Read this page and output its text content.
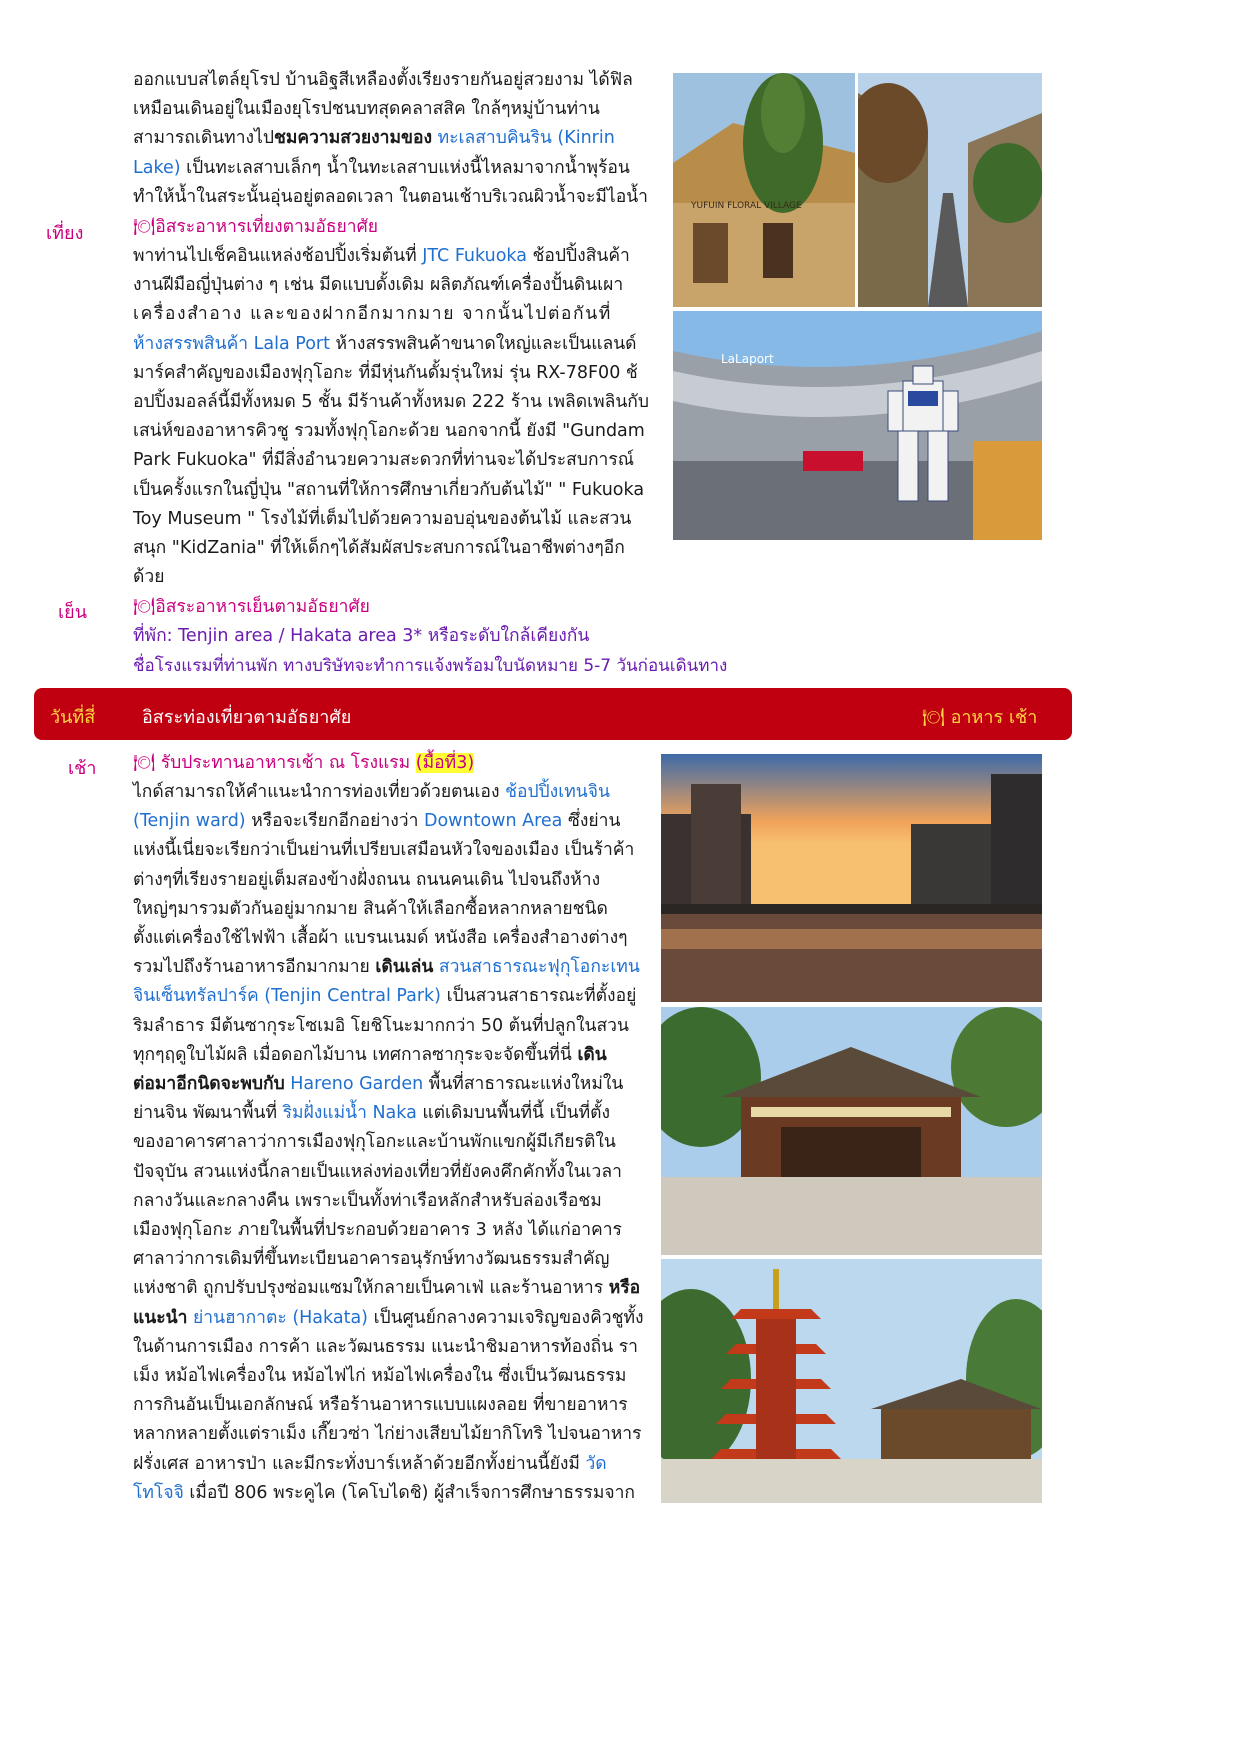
ออกแบบสไตล์ยุโรป บ้านอิฐสีเหลืองตั้งเรียงรายกันอยู่สวยงาม ได้ฟิล

เหมือนเดินอยู่ในเมืองยุโรปชนบทสุดคลาสสิค ใกล้ๆหมู่บ้านท่าน

สามารถเดินทางไปชมความสวยงามของ ทะเลสาบคินริน (Kinrin

Lake) เป็นทะเลสาบเล็กๆ น้ำในทะเลสาบแห่งนี้ไหลมาจากน้ำพุร้อน

ทำให้น้ำในสระนั้นอุ่นอยู่ตลอดเวลา ในตอนเช้าบริเวณผิวน้ำจะมีไอน้ำ

เที่ยง	🍽อิสระอาหารเที่ยงตามอัธยาศัย

พาท่านไปเช็คอินแหล่งช้อปปิ้งเริ่มต้นที่ JTC Fukuoka ช้อปปิ้งสินค้า

งานฝีมือญี่ปุ่นต่าง ๆ เช่น มีดแบบดั้งเดิม ผลิตภัณฑ์เครื่องปั้นดินเผา

เครื่องสำอาง และของฝากอีกมากมาย จากนั้นไปต่อกันที่

ห้างสรรพสินค้า Lala Port ห้างสรรพสินค้าขนาดใหญ่และเป็นแลนด์

มาร์คสำคัญของเมืองฟุกุโอกะ ที่มีหุ่นกันดั้มรุ่นใหม่ รุ่น RX-78F00 ช้

อปปิ้งมอลล์นี้มีทั้งหมด 5 ชั้น มีร้านค้าทั้งหมด 222 ร้าน เพลิดเพลินกับ

เสน่ห์ของอาหารคิวชู รวมทั้งฟุกุโอกะด้วย นอกจากนี้ ยังมี "Gundam

Park Fukuoka" ที่มีสิ่งอำนวยความสะดวกที่ท่านจะได้ประสบการณ์

เป็นครั้งแรกในญี่ปุ่น "สถานที่ให้การศึกษาเกี่ยวกับต้นไม้" " Fukuoka

Toy Museum " โรงไม้ที่เต็มไปด้วยความอบอุ่นของต้นไม้ และสวน

สนุก "KidZania" ที่ให้เด็กๆได้สัมผัสประสบการณ์ในอาชีพต่างๆอีก

ด้วย

เย็น	🍽อิสระอาหารเย็นตามอัธยาศัย
ที่พัก: Tenjin area / Hakata area 3* หรือระดับใกล้เคียงกัน
ชื่อโรงแรมที่ท่านพัก ทางบริษัทจะทำการแจ้งพร้อมใบนัดหมาย 5-7 วันก่อนเดินทาง
วันที่สี่	อิสระท่องเที่ยวตามอัธยาศัย	🍽 อาหาร เช้า
เช้า 🍽 รับประทานอาหารเช้า ณ โรงแรม (มื้อที่3)

ไกด์สามารถให้คำแนะนำการท่องเที่ยวด้วยตนเอง ช้อปปิ้งเทนจิน

(Tenjin ward) หรือจะเรียกอีกอย่างว่า Downtown Area ซึ่งย่าน

แห่งนี้เนี่ยจะเรียกว่าเป็นย่านที่เปรียบเสมือนหัวใจของเมือง เป็นร้าค้า

ต่างๆที่เรียงรายอยู่เต็มสองข้างฝั่งถนน ถนนคนเดิน ไปจนถึงห้าง

ใหญ่ๆมารวมตัวกันอยู่มากมาย สินค้าให้เลือกซื้อหลากหลายชนิด

ตั้งแต่เครื่องใช้ไฟฟ้า เสื้อผ้า แบรนเนมด์ หนังสือ เครื่องสำอางต่างๆ

รวมไปถึงร้านอาหารอีกมากมาย เดินเล่น สวนสาธารณะฟุกุโอกะเทน

จินเซ็นทรัลปาร์ค (Tenjin Central Park) เป็นสวนสาธารณะที่ตั้งอยู่

ริมลำธาร มีต้นซากุระโซเมอิ โยชิโนะมากกว่า 50 ต้นที่ปลูกในสวน

ทุกๆฤดูใบไม้ผลิ เมื่อดอกไม้บาน เทศกาลซากุระจะจัดขึ้นที่นี่ เดิน

ต่อมาอีกนิดจะพบกับ Hareno Garden พื้นที่สาธารณะแห่งใหม่ใน

ย่านจิน พัฒนาพื้นที่ ริมฝั่งแม่น้ำ Naka แต่เดิมบนพื้นที่นี้ เป็นที่ตั้ง

ของอาคารศาลาว่าการเมืองฟุกุโอกะและบ้านพักแขกผู้มีเกียรติใน

ปัจจุบัน สวนแห่งนี้กลายเป็นแหล่งท่องเที่ยวที่ยังคงคึกคักทั้งในเวลา

กลางวันและกลางคืน เพราะเป็นทั้งท่าเรือหลักสำหรับล่องเรือชม

เมืองฟุกุโอกะ ภายในพื้นที่ประกอบด้วยอาคาร 3 หลัง ได้แก่อาคาร

ศาลาว่าการเดิมที่ขึ้นทะเบียนอาคารอนุรักษ์ทางวัฒนธรรมสำคัญ

แห่งชาติ ถูกปรับปรุงซ่อมแซมให้กลายเป็นคาเฟ่ และร้านอาหาร หรือ

แนะนำ ย่านฮากาตะ (Hakata) เป็นศูนย์กลางความเจริญของคิวชูทั้ง

ในด้านการเมือง การค้า และวัฒนธรรม แนะนำชิมอาหารท้องถิ่น รา

เม็ง หม้อไฟเครื่องใน หม้อไฟไก่ หม้อไฟเครื่องใน ซึ่งเป็นวัฒนธรรม

การกินอันเป็นเอกลักษณ์ หรือร้านอาหารแบบแผงลอย ที่ขายอาหาร

หลากหลายตั้งแต่ราเม็ง เกี๊ยวซ่า ไก่ย่างเสียบไม้ยากิโทริ ไปจนอาหาร

ฝรั่งเศส อาหารป่า และมีกระทั่งบาร์เหล้าด้วยอีกทั้งย่านนี้ยังมี วัด

โทโจจิ เมื่อปี 806 พระคูไค (โคโบไดชิ) ผู้สำเร็จการศึกษาธรรมจาก

YUFUIN FLORAL VILLAGE
LaLaport
